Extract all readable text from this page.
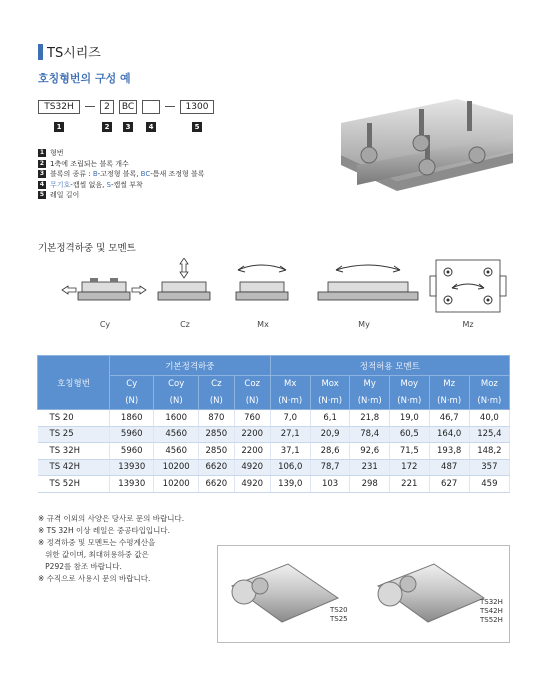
TS시리즈
호칭형번의 구성 예
TS32H	2	BC	1300
1	2	3	4	5
1 형번
2 1축에 조립되는 블록 개수
3 블록의 종류 : B -고정형 블록, BC -틈새 조정형 블록
4 무기호 -캡씰 없음, S -캡씰 부착
5 레일 길이
기본정격하중 및 모멘트
Cy	Cz	Mx	My	Mz
호칭형번	기본정격하중				정적허용 모멘트					
	Cy	Coy	Cz	Coz	Mx	Mox	My	Moy	Mz	Moz
	(N)	(N)	(N)	(N)	(N·m)	(N·m)	(N·m)	(N·m)	(N·m)	(N·m)
TS 20	1860	1600	870	760	7,0	6,1	21,8	19,0	46,7	40,0
TS 25	5960	4560	2850	2200	27,1	20,9	78,4	60,5	164,0	125,4
TS 32H	5960	4560	2850	2200	37,1	28,6	92,6	71,5	193,8	148,2
TS 42H	13930	10200	6620	4920	106,0	78,7	231	172	487	357
TS 52H	13930	10200	6620	4920	139,0	103	298	221	627	459
※ 규격 이외의 사양은 당사로 문의 바랍니다.
※ TS 32H 이상 레일은 중공타입입니다.
※ 정격하중 및 모멘트는 수평계산을
위한 값이며, 최대허용하중 값은
P292를 참조 바랍니다.
※ 수직으로 사용시 문의 바랍니다.
TS20
TS25
TS32H
TS42H
TS52H
